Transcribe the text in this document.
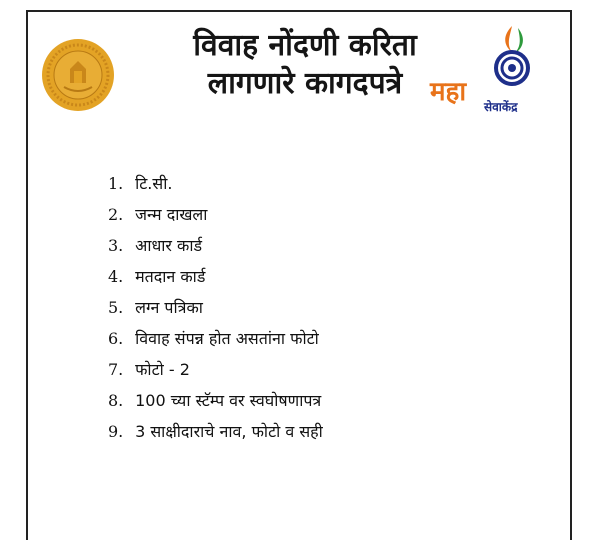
विवाह नोंदणी करिता
लागणारे कागदपत्रे	महा सेवाकेंद्र
1. टि.सी.
2. जन्म दाखला
3. आधार कार्ड
4. मतदान कार्ड
5. लग्न पत्रिका
6. विवाह संपन्न होत असतांना फोटो
7. फोटो - 2
8. 100 च्या स्टॅम्प वर स्वघोषणापत्र
9. 3 साक्षीदाराचे नाव, फोटो व सही
